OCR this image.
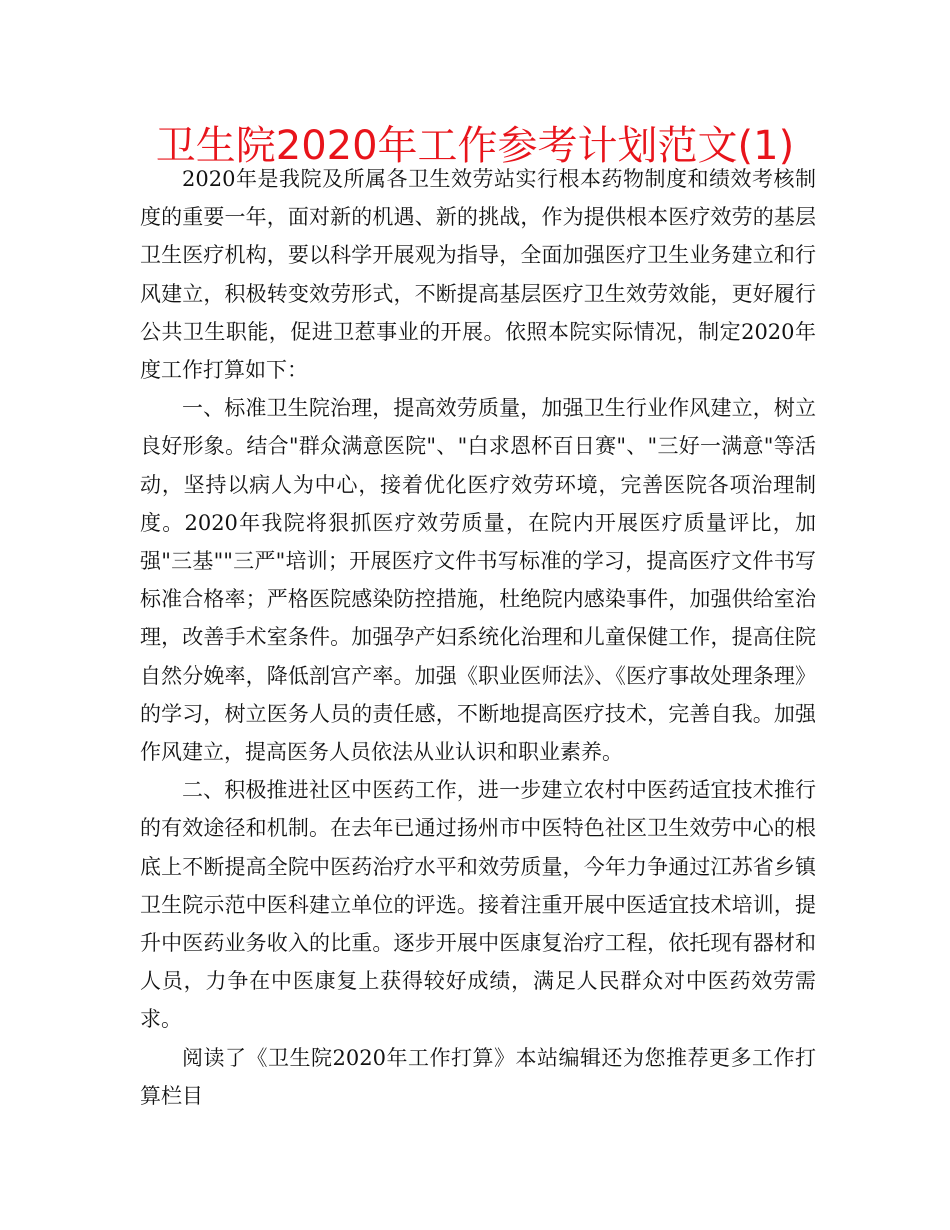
卫生院2020年工作参考计划范文(1)

2020年是我院及所属各卫生效劳站实行根本药物制度和绩效考核制度的重要一年，面对新的机遇、新的挑战，作为提供根本医疗效劳的基层卫生医疗机构，要以科学开展观为指导，全面加强医疗卫生业务建立和行风建立，积极转变效劳形式，不断提高基层医疗卫生效劳效能，更好履行公共卫生职能，促进卫惹事业的开展。依照本院实际情况，制定2020年度工作打算如下：

一、标准卫生院治理，提高效劳质量，加强卫生行业作风建立，树立良好形象。结合"群众满意医院"、"白求恩杯百日赛"、"三好一满意"等活动，坚持以病人为中心，接着优化医疗效劳环境，完善医院各项治理制度。2020年我院将狠抓医疗效劳质量，在院内开展医疗质量评比，加强"三基""三严"培训；开展医疗文件书写标准的学习，提高医疗文件书写标准合格率；严格医院感染防控措施，杜绝院内感染事件，加强供给室治理，改善手术室条件。加强孕产妇系统化治理和儿童保健工作，提高住院自然分娩率，降低剖宫产率。加强《职业医师法》、《医疗事故处理条理》的学习，树立医务人员的责任感，不断地提高医疗技术，完善自我。加强作风建立，提高医务人员依法从业认识和职业素养。

二、积极推进社区中医药工作，进一步建立农村中医药适宜技术推行的有效途径和机制。在去年已通过扬州市中医特色社区卫生效劳中心的根底上不断提高全院中医药治疗水平和效劳质量，今年力争通过江苏省乡镇卫生院示范中医科建立单位的评选。接着注重开展中医适宜技术培训，提升中医药业务收入的比重。逐步开展中医康复治疗工程，依托现有器材和人员，力争在中医康复上获得较好成绩，满足人民群众对中医药效劳需求。

阅读了《卫生院2020年工作打算》本站编辑还为您推荐更多工作打算栏目
